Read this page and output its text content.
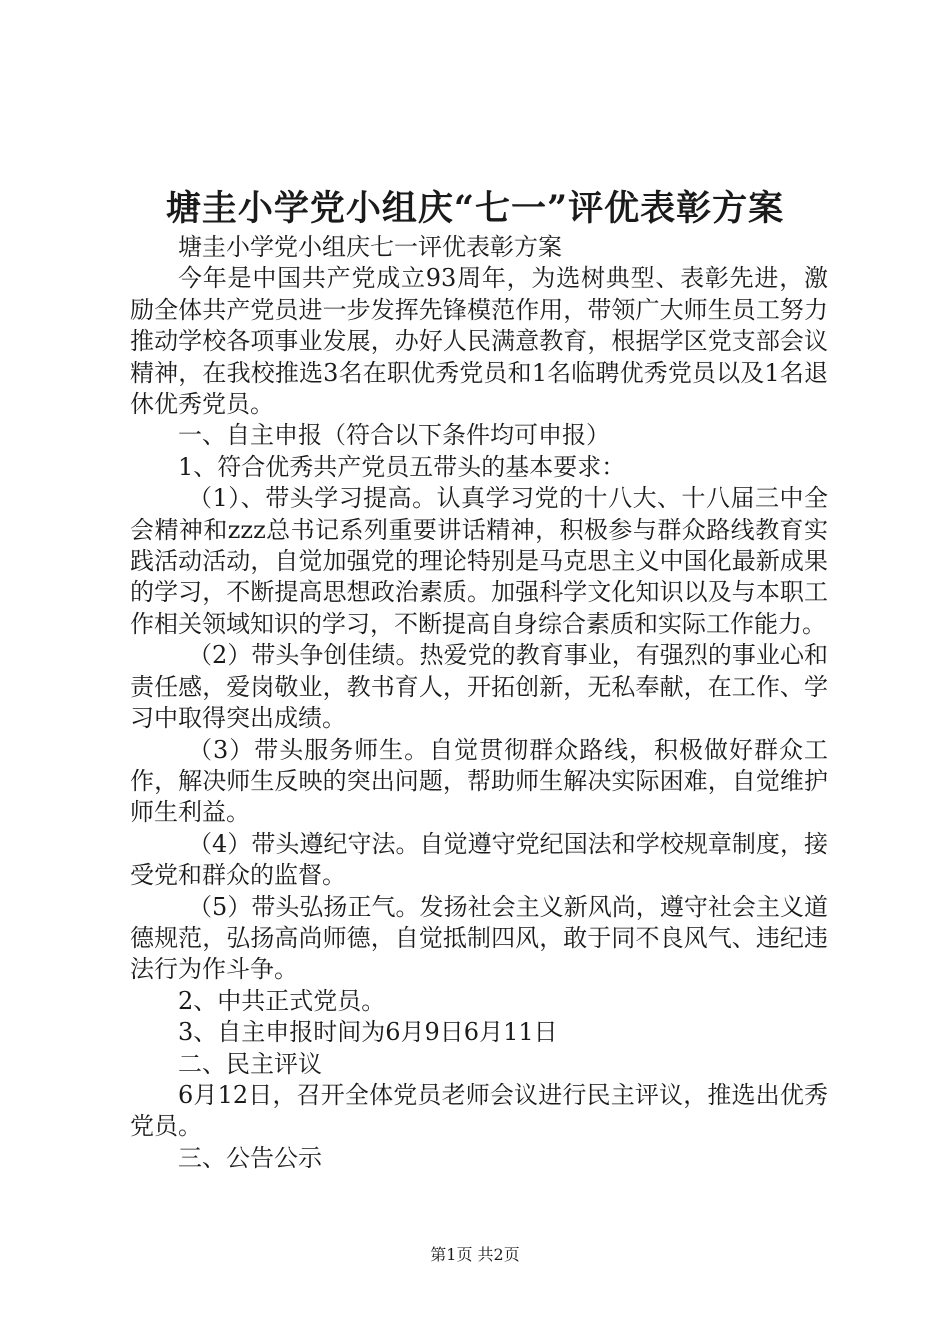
塘圭小学党小组庆“七一”评优表彰方案

塘圭小学党小组庆七一评优表彰方案

今年是中国共产党成立93周年，为选树典型、表彰先进，激励全体共产党员进一步发挥先锋模范作用，带领广大师生员工努力推动学校各项事业发展，办好人民满意教育，根据学区党支部会议精神，在我校推选3名在职优秀党员和1名临聘优秀党员以及1名退休优秀党员。

一、自主申报（符合以下条件均可申报）

1、符合优秀共产党员五带头的基本要求：

（1）、带头学习提高。认真学习党的十八大、十八届三中全会精神和zzz总书记系列重要讲话精神，积极参与群众路线教育实践活动活动，自觉加强党的理论特别是马克思主义中国化最新成果的学习，不断提高思想政治素质。加强科学文化知识以及与本职工作相关领域知识的学习，不断提高自身综合素质和实际工作能力。

（2）带头争创佳绩。热爱党的教育事业，有强烈的事业心和责任感，爱岗敬业，教书育人，开拓创新，无私奉献，在工作、学习中取得突出成绩。

（3）带头服务师生。自觉贯彻群众路线，积极做好群众工作，解决师生反映的突出问题，帮助师生解决实际困难，自觉维护师生利益。

（4）带头遵纪守法。自觉遵守党纪国法和学校规章制度，接受党和群众的监督。

（5）带头弘扬正气。发扬社会主义新风尚，遵守社会主义道德规范，弘扬高尚师德，自觉抵制四风，敢于同不良风气、违纪违法行为作斗争。

2、中共正式党员。

3、自主申报时间为6月9日6月11日

二、民主评议

6月12日，召开全体党员老师会议进行民主评议，推选出优秀党员。

三、公告公示

第1页 共2页
